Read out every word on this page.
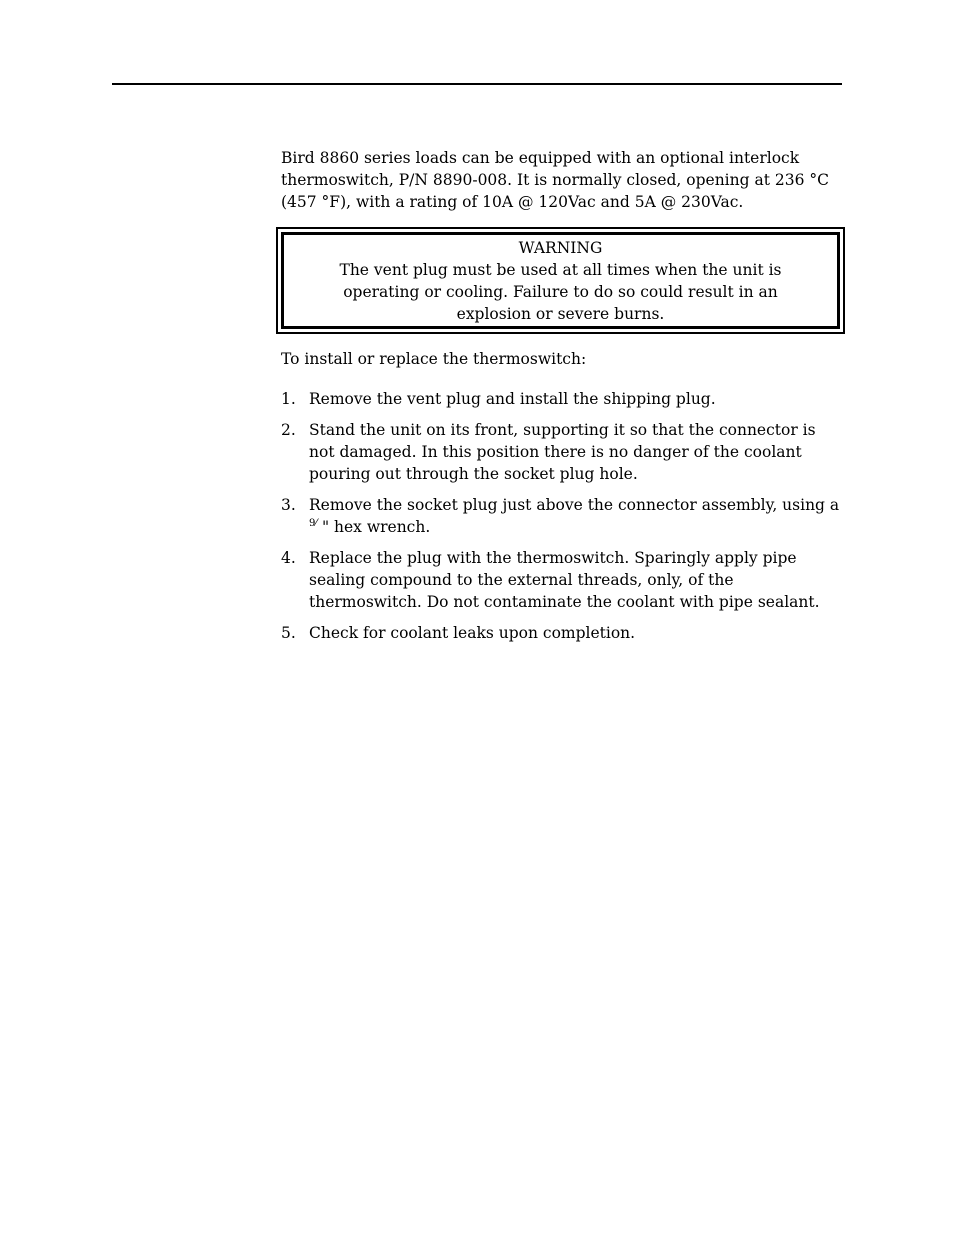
Bird 8860 series loads can be equipped with an optional interlock thermoswitch, P/N 8890-008. It is normally closed, opening at 236 °C (457 °F), with a rating of 10A @ 120Vac and 5A @ 230Vac.

WARNING
The vent plug must be used at all times when the unit is operating or cooling. Failure to do so could result in an explosion or severe burns.

To install or replace the thermoswitch:

1. Remove the vent plug and install the shipping plug.
2. Stand the unit on its front, supporting it so that the connector is not damaged. In this position there is no danger of the coolant pouring out through the socket plug hole.
3. Remove the socket plug just above the connector assembly, using a $^{9⁄}$ " hex wrench.
4. Replace the plug with the thermoswitch. Sparingly apply pipe sealing compound to the external threads, only, of the thermoswitch. Do not contaminate the coolant with pipe sealant.
5. Check for coolant leaks upon completion.
